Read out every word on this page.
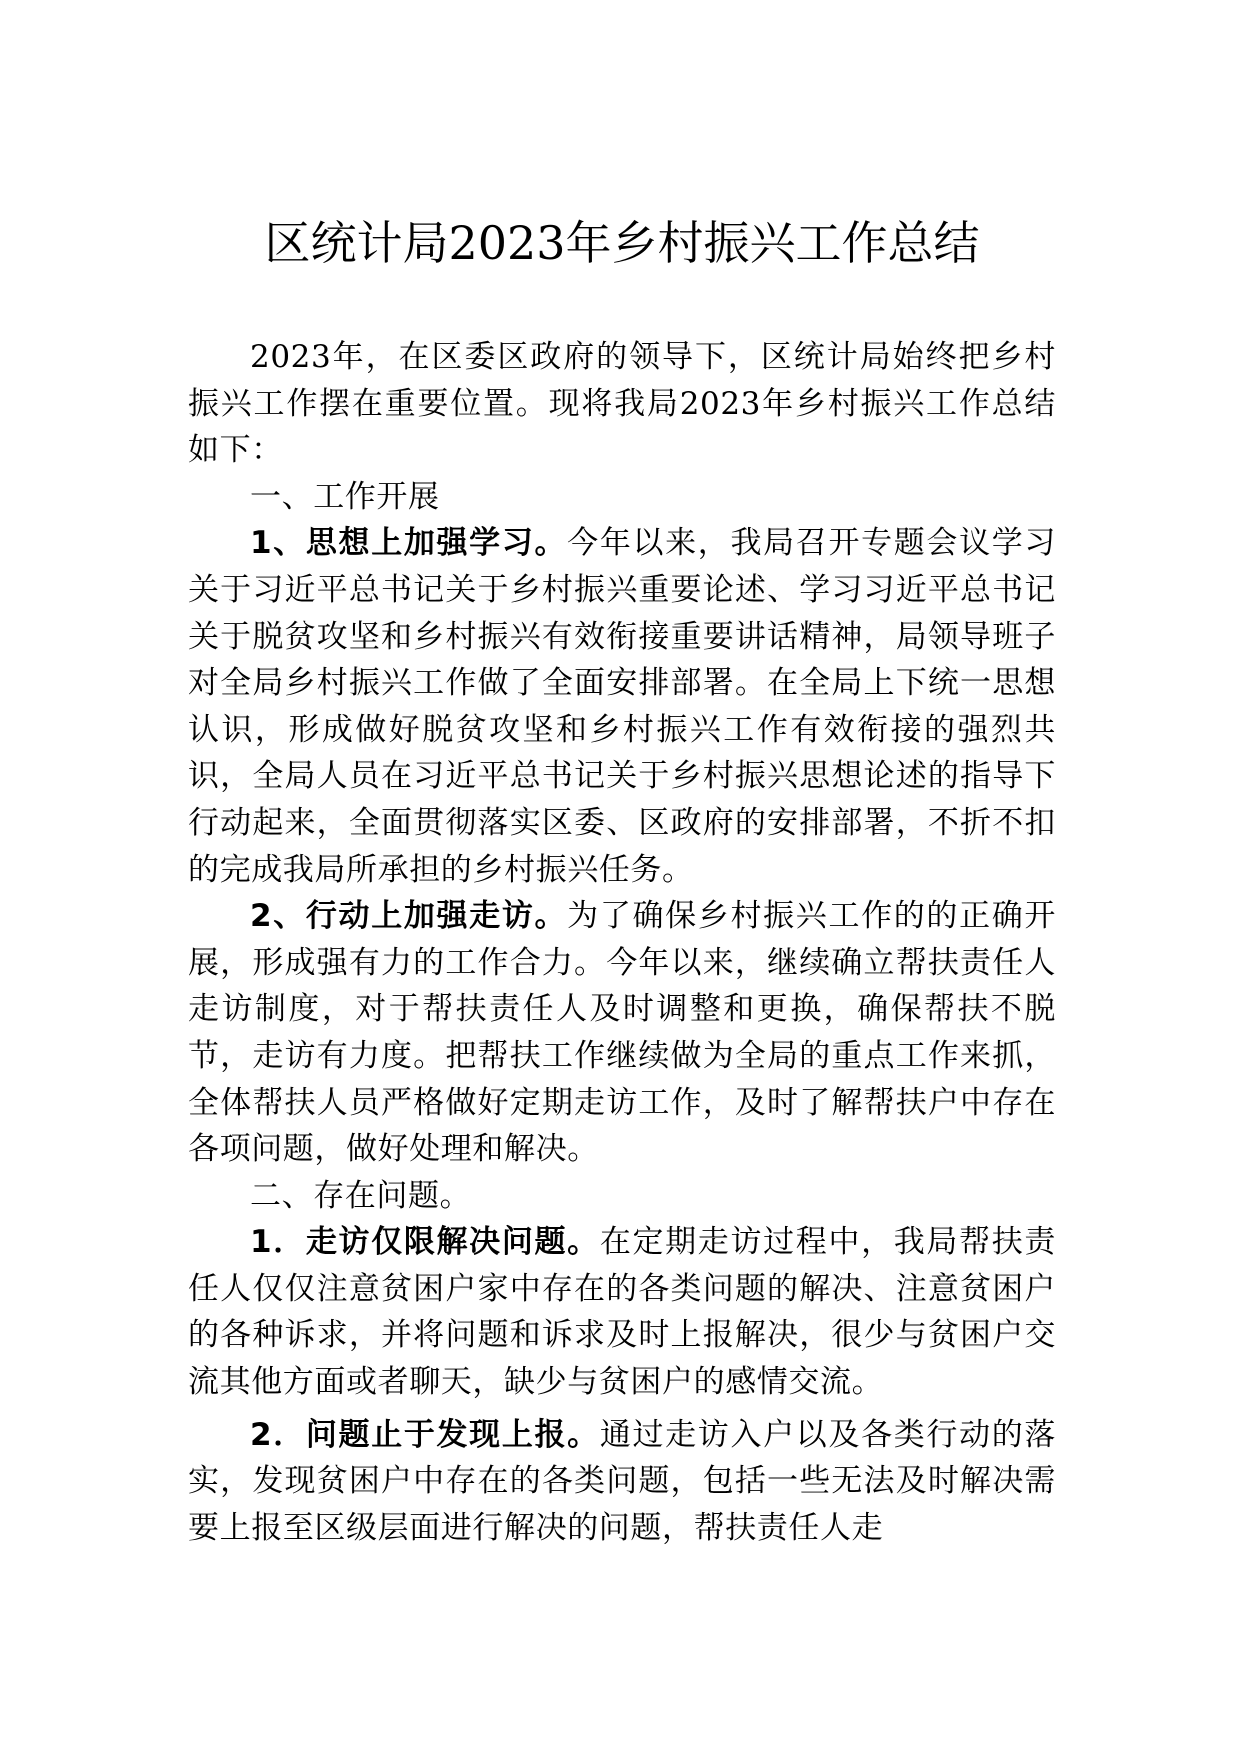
区统计局2023年乡村振兴工作总结

2023年，在区委区政府的领导下，区统计局始终把乡村振兴工作摆在重要位置。现将我局2023年乡村振兴工作总结如下：

一、工作开展

1、思想上加强学习。今年以来，我局召开专题会议学习关于习近平总书记关于乡村振兴重要论述、学习习近平总书记关于脱贫攻坚和乡村振兴有效衔接重要讲话精神，局领导班子对全局乡村振兴工作做了全面安排部署。在全局上下统一思想认识，形成做好脱贫攻坚和乡村振兴工作有效衔接的强烈共识，全局人员在习近平总书记关于乡村振兴思想论述的指导下行动起来，全面贯彻落实区委、区政府的安排部署，不折不扣的完成我局所承担的乡村振兴任务。

2、行动上加强走访。为了确保乡村振兴工作的的正确开展，形成强有力的工作合力。今年以来，继续确立帮扶责任人走访制度，对于帮扶责任人及时调整和更换，确保帮扶不脱节，走访有力度。把帮扶工作继续做为全局的重点工作来抓，全体帮扶人员严格做好定期走访工作，及时了解帮扶户中存在各项问题，做好处理和解决。

二、存在问题。

1．走访仅限解决问题。在定期走访过程中，我局帮扶责任人仅仅注意贫困户家中存在的各类问题的解决、注意贫困户的各种诉求，并将问题和诉求及时上报解决，很少与贫困户交流其他方面或者聊天，缺少与贫困户的感情交流。

2．问题止于发现上报。通过走访入户以及各类行动的落实，发现贫困户中存在的各类问题，包括一些无法及时解决需要上报至区级层面进行解决的问题，帮扶责任人走
